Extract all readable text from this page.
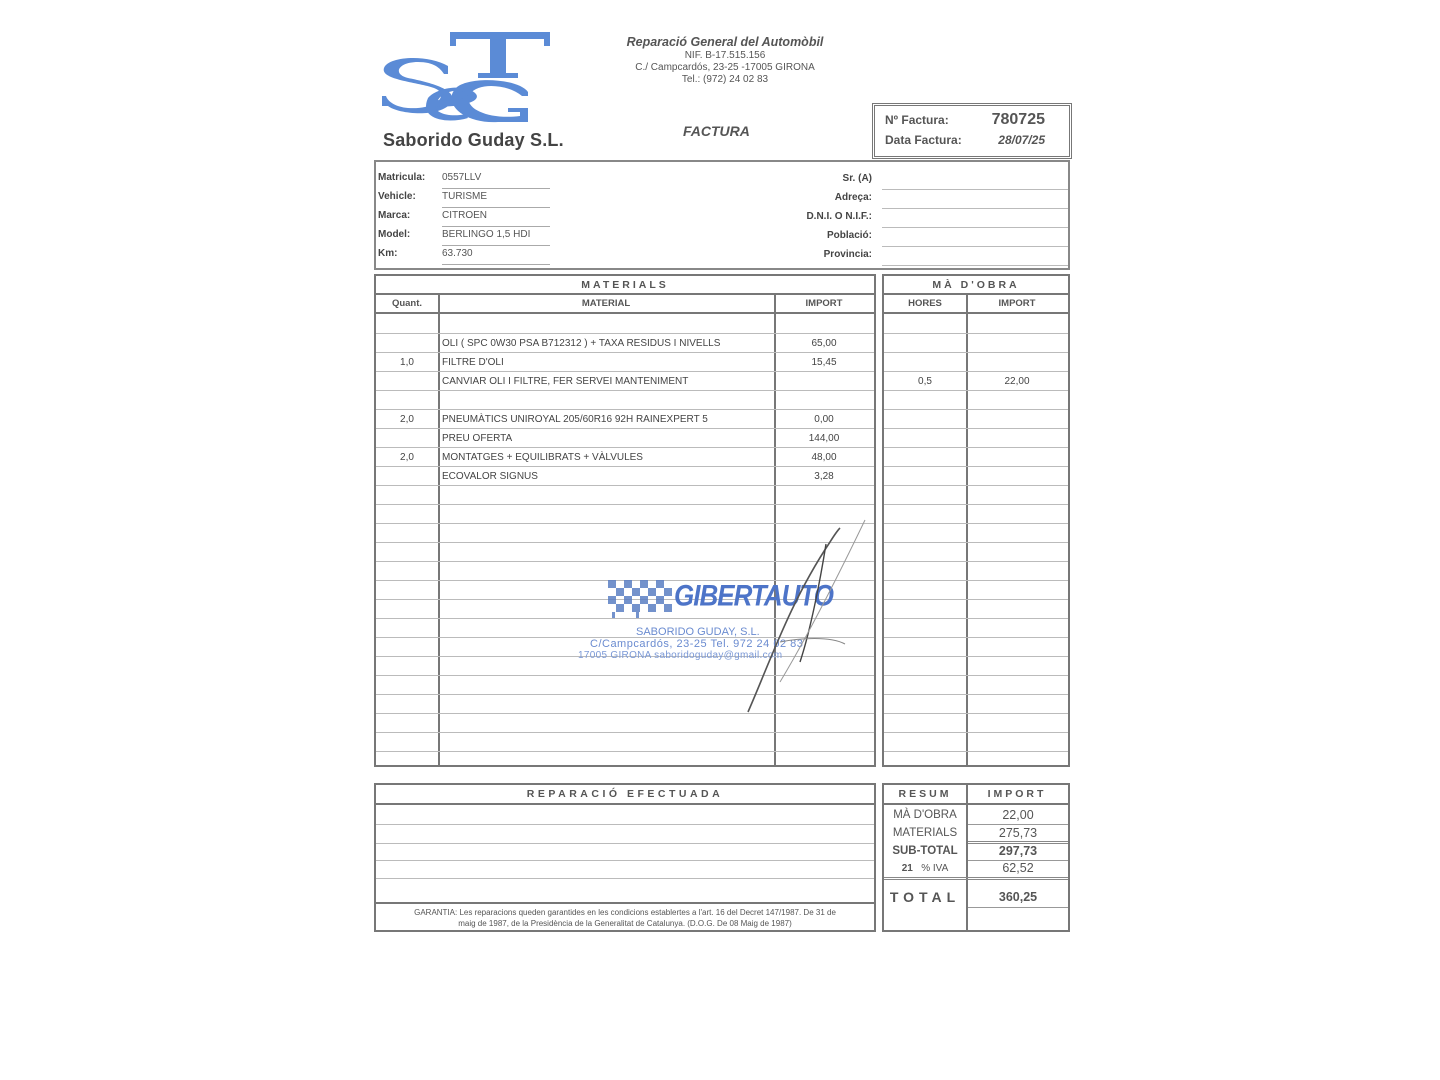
Saborido Guday S.L.
Reparació General del Automòbil
NIF. B-17.515.156
C./ Campcardós, 23-25 -17005 GIRONA
Tel.: (972) 24 02 83
FACTURA
Nº Factura:	780725
Data Factura:	28/07/25
Matricula: 0557LLV
Vehicle:	TURISME
Marca:	CITROEN
Model:	BERLINGO 1,5 HDI
Km:	63.730
Sr. (A)
Adreça:
D.N.I. O N.I.F.:
Població:
Provincia:
MATERIALS
Quant.	MATERIAL	IMPORT
OLI ( SPC 0W30 PSA B712312 ) + TAXA RESIDUS I NIVELLS	65,00
1,0	FILTRE D'OLI	15,45
CANVIAR OLI I FILTRE, FER SERVEI MANTENIMENT
2,0	PNEUMÀTICS UNIROYAL 205/60R16 92H RAINEXPERT 5	0,00
PREU OFERTA	144,00
2,0	MONTATGES + EQUILIBRATS + VÀLVULES	48,00
ECOVALOR SIGNUS	3,28
MÀ D'OBRA
HORES	IMPORT
0,5	22,00
GIBERTAUTO
SABORIDO GUDAY, S.L.
C/Campcardós, 23-25 Tel. 972 24 02 83
17005 GIRONA saboridoguday@gmail.com
REPARACIÓ EFECTUADA
GARANTIA: Les reparacions queden garantides en les condicions establertes a l'art. 16 del Decret 147/1987. De 31 de
maig de 1987, de la Presidència de la Generalitat de Catalunya. (D.O.G. De 08 Maig de 1987)
RESUM	IMPORT
MÀ D'OBRA	22,00
MATERIALS	275,73
SUB-TOTAL	297,73
21 % IVA	62,52
TOTAL	360,25
